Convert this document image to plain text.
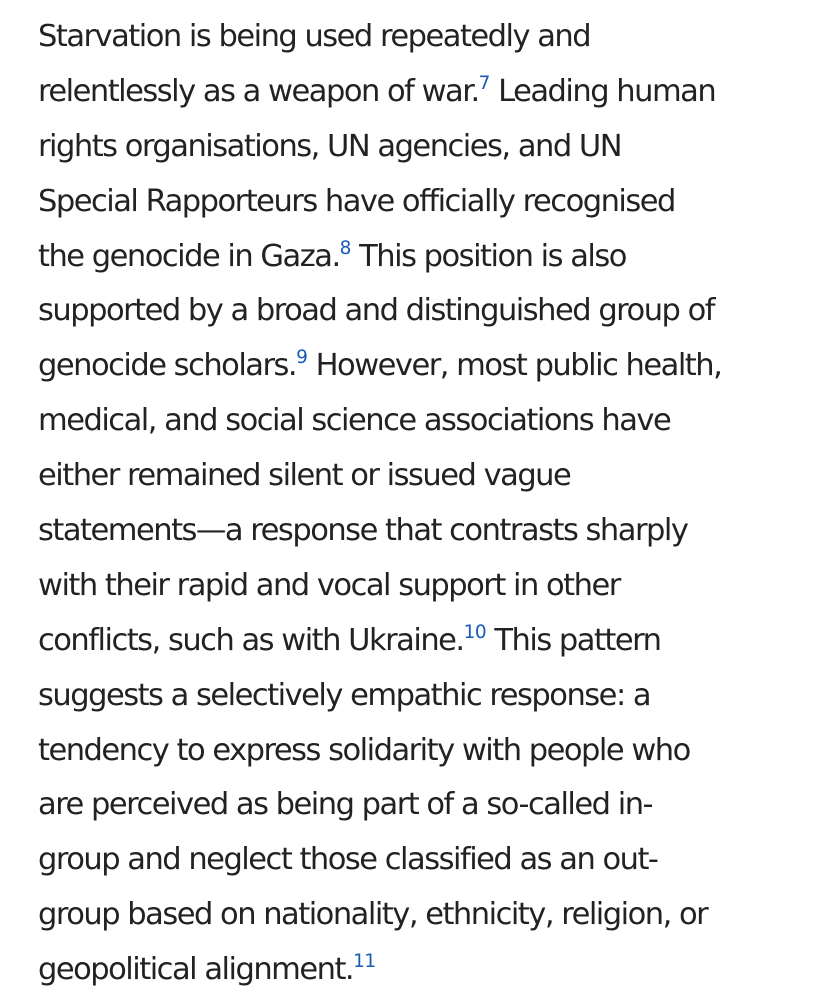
Starvation is being used repeatedly and
relentlessly as a weapon of war.$^7$ Leading human
rights organisations, UN agencies, and UN
Special Rapporteurs have officially recognised
the genocide in Gaza.$^8$ This position is also
supported by a broad and distinguished group of
genocide scholars.$^9$ However, most public health,
medical, and social science associations have
either remained silent or issued vague
statements—a response that contrasts sharply
with their rapid and vocal support in other
conflicts, such as with Ukraine.$^{10}$ This pattern
suggests a selectively empathic response: a
tendency to express solidarity with people who
are perceived as being part of a so-called in-
group and neglect those classified as an out-
group based on nationality, ethnicity, religion, or
geopolitical alignment.$^{11}$
